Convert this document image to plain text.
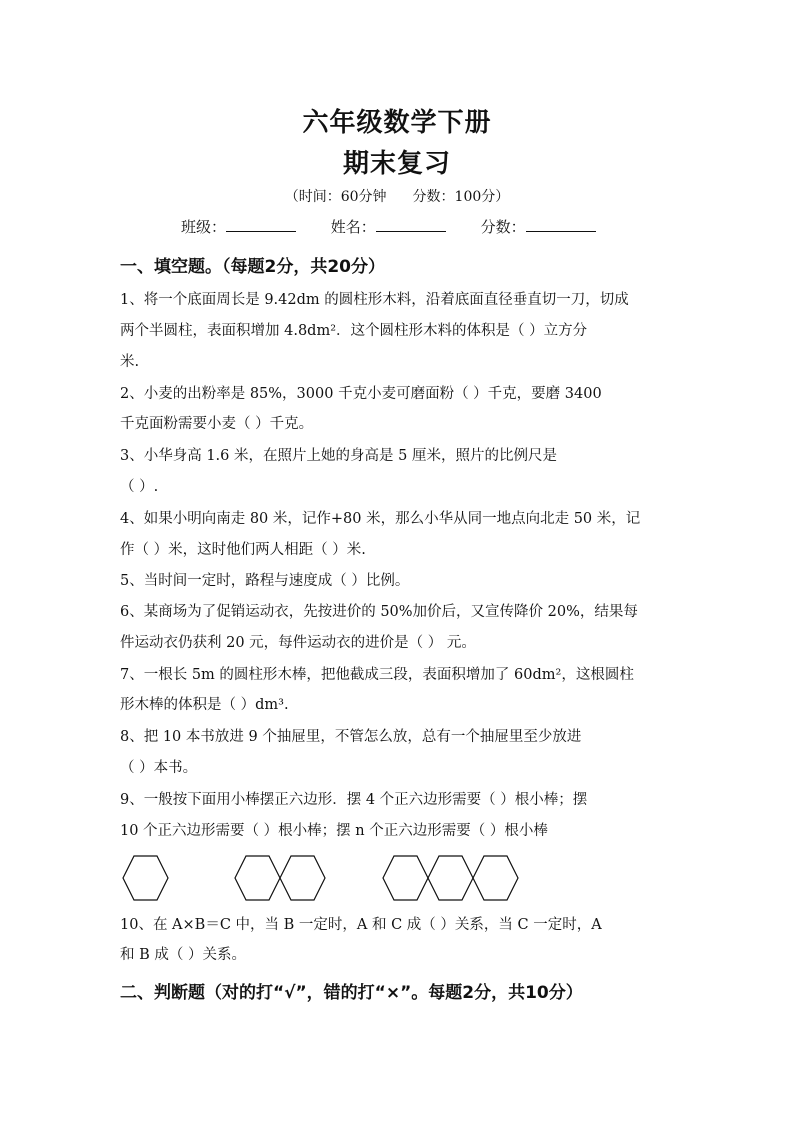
六年级数学下册
期末复习
（时间：60分钟 分数：100分）
班级：	姓名：	分数：
一、填空题。（每题2分，共20分）
1、将一个底面周长是 9.42dm 的圆柱形木料，沿着底面直径垂直切一刀，切成
两个半圆柱，表面积增加 4.8dm²．这个圆柱形木料的体积是（ ）立方分
米.
2、小麦的出粉率是 85%，3000 千克小麦可磨面粉（ ）千克，要磨 3400
千克面粉需要小麦（ ）千克。
3、小华身高 1.6 米，在照片上她的身高是 5 厘米，照片的比例尺是
（ ）.
4、如果小明向南走 80 米，记作+80 米，那么小华从同一地点向北走 50 米，记
作（ ）米，这时他们两人相距（ ）米.
5、当时间一定时，路程与速度成（ ）比例。
6、某商场为了促销运动衣，先按进价的 50%加价后，又宣传降价 20%，结果每
件运动衣仍获利 20 元，每件运动衣的进价是（ ） 元。
7、一根长 5m 的圆柱形木棒，把他截成三段，表面积增加了 60dm²，这根圆柱
形木棒的体积是（ ）dm³.
8、把 10 本书放进 9 个抽屉里，不管怎么放，总有一个抽屉里至少放进
（ ）本书。
9、一般按下面用小棒摆正六边形．摆 4 个正六边形需要（ ）根小棒；摆
10 个正六边形需要（ ）根小棒；摆 n 个正六边形需要（ ）根小棒
10、在 A×B＝C 中，当 B 一定时，A 和 C 成（ ）关系，当 C 一定时，A
和 B 成（ ）关系。
二、判断题（对的打“√”，错的打“×”。每题2分，共10分）
